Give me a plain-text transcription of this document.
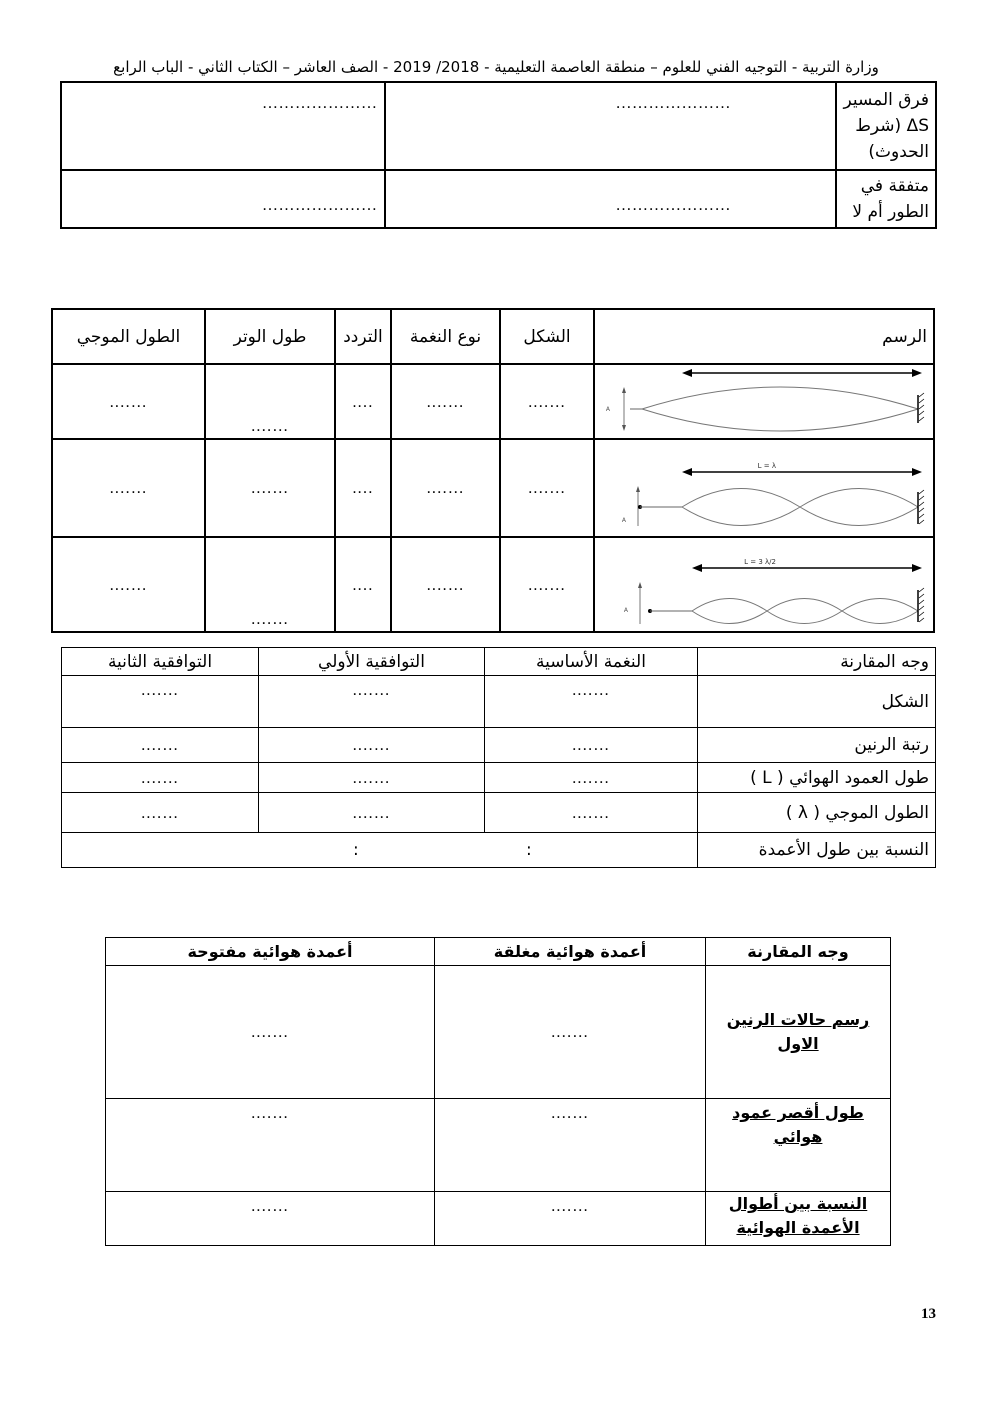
وزارة التربية - التوجيه الفني للعلوم – منطقة العاصمة التعليمية - 2018/ 2019 - الصف العاشر – الكتاب الثاني - الباب الرابع
فرق المسير ΔS (شرط الحدوث)	…………………	…………………
متفقة في الطور أم لا	…………………	…………………
الرسم	الشكل	نوع النغمة	التردد	طول الوتر	الطول الموجي

A	…….	…….	….	…….	…….

L = λ
A	…….	…….	….	…….	…….

L = 3 λ/2
A	…….	…….	….	…….	…….
وجه المقارنة	النغمة الأساسية	التوافقية الأولي	التوافقية الثانية
الشكل	…….	…….	…….
رتبة الرنين	…….	…….	…….
طول العمود الهوائي ( L )	…….	…….	…….
الطول الموجي ( λ )	…….	…….	…….
النسبة بين طول الأعمدة	: :		
وجه المقارنة	أعمدة هوائية مغلقة	أعمدة هوائية مفتوحة
رسم حالات الرنين الاول	…….	…….
طول أقصر عمود هوائي	…….	…….
النسبة بين أطوال الأعمدة الهوائية	…….	…….
13
